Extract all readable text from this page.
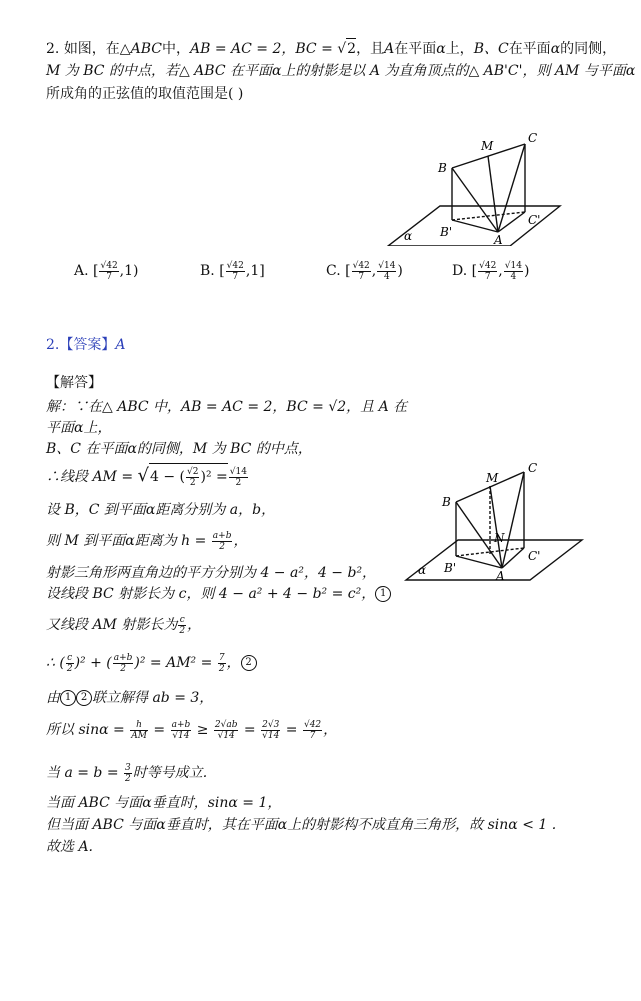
2. 如图，在△ABC中，AB = AC = 2，BC = √2，且A在平面α上，B、C在平面α的同侧，
M 为 BC 的中点，若△ ABC 在平面α上的射影是以 A 为直角顶点的△ AB'C'，则 AM 与平面α
所成角的正弦值的取值范围是( )
M
C
B
C'
B'
A
α
A. [ $\frac{√42}{7} ,1$)	B. [ $\frac{√42}{7} ,1$]	C. [ $\frac{√42}{7}$ , $\frac{√14}{4}$ )	D. [ $\frac{√42}{7}$ , $\frac{√14}{4}$ )
2.【答案】A
【解答】
解：∵在△ ABC 中，AB = AC = 2，BC = √2，且 A 在
平面α上，
B、C 在平面α的同侧，M 为 BC 的中点，
∴线段 AM = √4 − ( $\frac{√2}{2} )^2 = \frac{√14}{2}$
设 B，C 到平面α距离分别为 a，b，
则 M 到平面α距离为 $h = \frac{a+b}{2}$ ，
射影三角形两直角边的平方分别为 4 − a²，4 − b²，
设线段 BC 射影长为 c，则 4 − a² + 4 − b² = c²， 1
又线段 AM 射影长为 $\frac{c}{2}$ ，
∴ ( $\frac{c}{2} )^2$ + ( $\frac{a+b}{2} )^2 = AM^2 = \frac{7}{2}$ ， 2
由 1 2 联立解得 ab = 3，
所以 $\sin\alpha = \frac{h}{AM} = \frac{a+b}{√14} \ge \frac{2√ab}{√14} = \frac{2√3}{√14} = \frac{√42}{7}$ ，
当 $a = b = \frac{3}{2}$ 时等号成立.
当面 ABC 与面α垂直时，sinα = 1，
但当面 ABC 与面α垂直时，其在平面α上的射影构不成直角三角形，故 sinα < 1 .
故选 A.
M
C
B
N
C'
B'
A
α
